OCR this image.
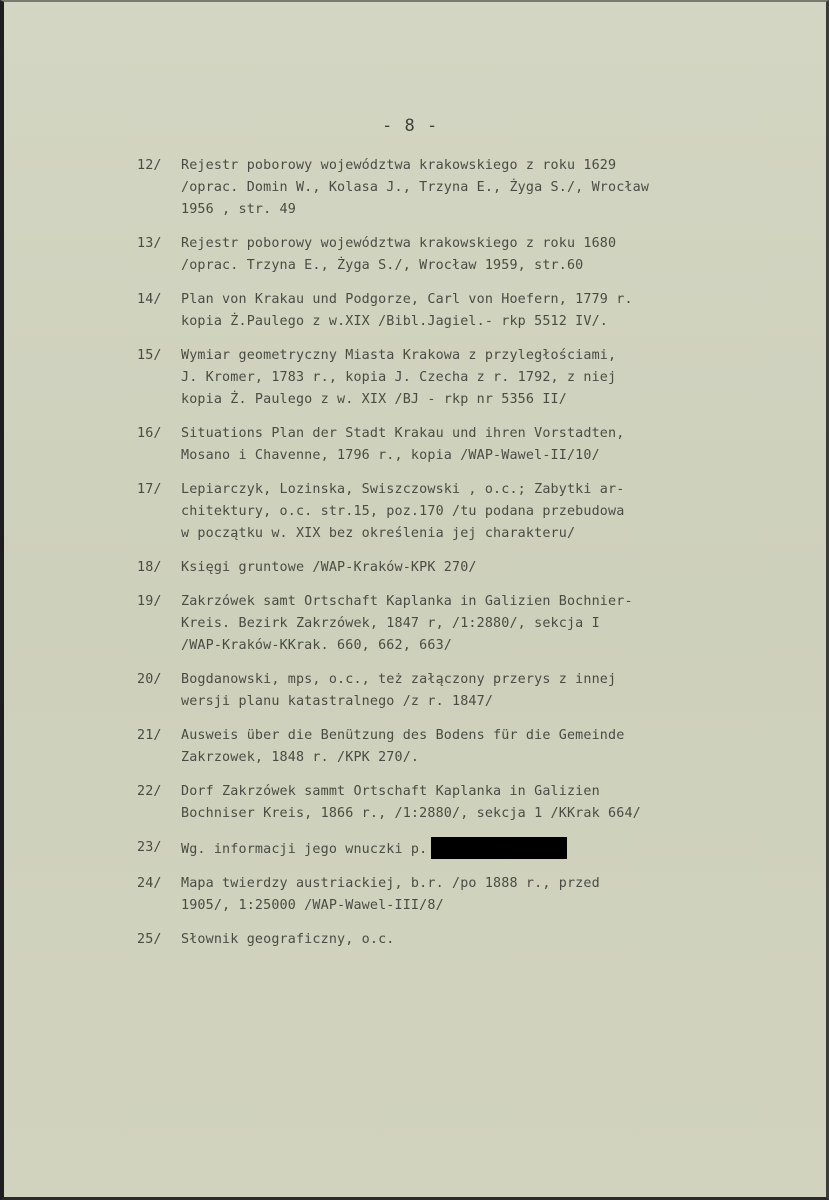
- 8 -
12/	Rejestr poborowy województwa krakowskiego z roku 1629
/oprac. Domin W., Kolasa J., Trzyna E., Żyga S./, Wrocław
1956 , str. 49
13/	Rejestr poborowy województwa krakowskiego z roku 1680
/oprac. Trzyna E., Żyga S./, Wrocław 1959, str.60
14/	Plan von Krakau und Podgorze, Carl von Hoefern, 1779 r.
kopia Ż.Paulego z w.XIX /Bibl.Jagiel.- rkp 5512 IV/.
15/	Wymiar geometryczny Miasta Krakowa z przyległościami,
J. Kromer, 1783 r., kopia J. Czecha z r. 1792, z niej
kopia Ż. Paulego z w. XIX /BJ - rkp nr 5356 II/
16/	Situations Plan der Stadt Krakau und ihren Vorstadten,
Mosano i Chavenne, 1796 r., kopia /WAP-Wawel-II/10/
17/	Lepiarczyk, Lozinska, Swiszczowski , o.c.; Zabytki ar-
chitektury, o.c. str.15, poz.170 /tu podana przebudowa
w początku w. XIX bez określenia jej charakteru/
18/	Księgi gruntowe /WAP-Kraków-KPK 270/
19/	Zakrzówek samt Ortschaft Kaplanka in Galizien Bochnier-
Kreis. Bezirk Zakrzówek, 1847 r, /1:2880/, sekcja I
/WAP-Kraków-KKrak. 660, 662, 663/
20/	Bogdanowski, mps, o.c., też załączony przerys z innej
wersji planu katastralnego /z r. 1847/
21/	Ausweis über die Benützung des Bodens für die Gemeinde
Zakrzowek, 1848 r. /KPK 270/.
22/	Dorf Zakrzówek sammt Ortschaft Kaplanka in Galizien
Bochniser Kreis, 1866 r., /1:2880/, sekcja 1 /KKrak 664/
23/	Wg. informacji jego wnuczki p.
24/	Mapa twierdzy austriackiej, b.r. /po 1888 r., przed
1905/, 1:25000 /WAP-Wawel-III/8/
25/	Słownik geograficzny, o.c.
